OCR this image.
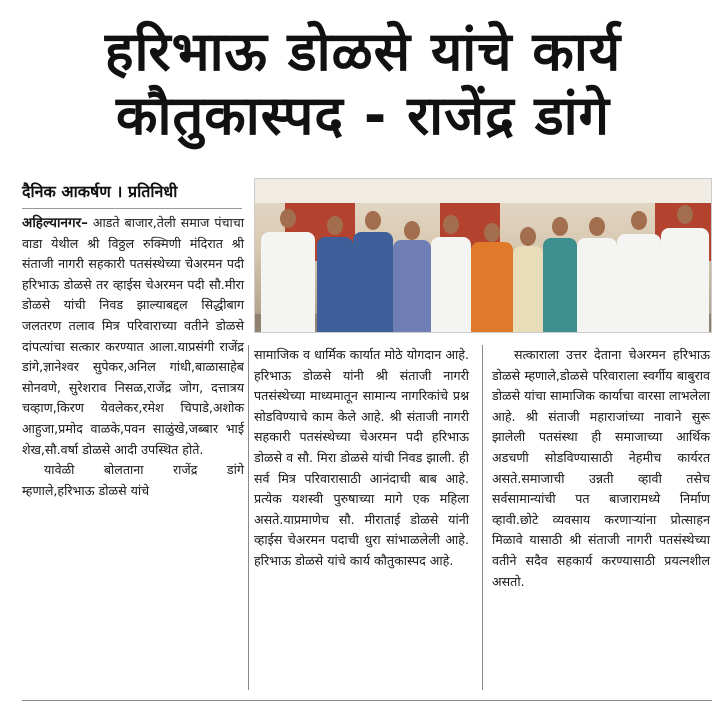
हरिभाऊ डोळसे यांचे कार्य
कौतुकास्पद - राजेंद्र डांगे
दैनिक आकर्षण । प्रतिनिधी

अहिल्यानगर– आडते बाजार,तेली समाज पंचाचा वाडा येथील श्री विठ्ठल रुक्मिणी मंदिरात श्री संताजी नागरी सहकारी पतसंस्थेच्या चेअरमन पदी हरिभाऊ डोळसे तर व्हाईस चेअरमन पदी सौ.मीरा डोळसे यांची निवड झाल्याबद्दल सिद्धीबाग जलतरण तलाव मित्र परिवाराच्या वतीने डोळसे दांपत्यांचा सत्कार करण्यात आला.याप्रसंगी राजेंद्र डांगे,ज्ञानेश्वर सुपेकर,अनिल गांधी,बाळासाहेब सोनवणे, सुरेशराव निसळ,राजेंद्र जोग, दत्तात्रय चव्हाण,किरण येवलेकर,रमेश चिपाडे,अशोक आहुजा,प्रमोद वाळके,पवन साळुंखे,जब्बार भाई शेख,सौ.वर्षा डोळसे आदी उपस्थित होते.

यावेळी बोलताना राजेंद्र डांगे म्हणाले,हरिभाऊ डोळसे यांचे

सामाजिक व धार्मिक कार्यात मोठे योगदान आहे. हरिभाऊ डोळसे यांनी श्री संताजी नागरी पतसंस्थेच्या माध्यमातून सामान्य नागरिकांचे प्रश्न सोडविण्याचे काम केले आहे. श्री संताजी नागरी सहकारी पतसंस्थेच्या चेअरमन पदी हरिभाऊ डोळसे व सौ. मिरा डोळसे यांची निवड झाली. ही सर्व मित्र परिवारासाठी आनंदाची बाब आहे. प्रत्येक यशस्वी पुरुषाच्या मागे एक महिला असते.याप्रमाणेच सौ. मीराताई डोळसे यांनी व्हाईस चेअरमन पदाची धुरा सांभाळलेली आहे. हरिभाऊ डोळसे यांचे कार्य कौतुकास्पद आहे.

सत्काराला उत्तर देताना चेअरमन हरिभाऊ डोळसे म्हणाले,डोळसे परिवाराला स्वर्गीय बाबुराव डोळसे यांचा सामाजिक कार्याचा वारसा लाभलेला आहे. श्री संताजी महाराजांच्या नावाने सुरू झालेली पतसंस्था ही समाजाच्या आर्थिक अडचणी सोडविण्यासाठी नेहमीच कार्यरत असते.समाजाची उन्नती व्हावी तसेच सर्वसामान्यांची पत बाजारामध्ये निर्माण व्हावी.छोटे व्यवसाय करणाऱ्यांना प्रोत्साहन मिळावे यासाठी श्री संताजी नागरी पतसंस्थेच्या वतीने सदैव सहकार्य करण्यासाठी प्रयत्नशील असतो.
